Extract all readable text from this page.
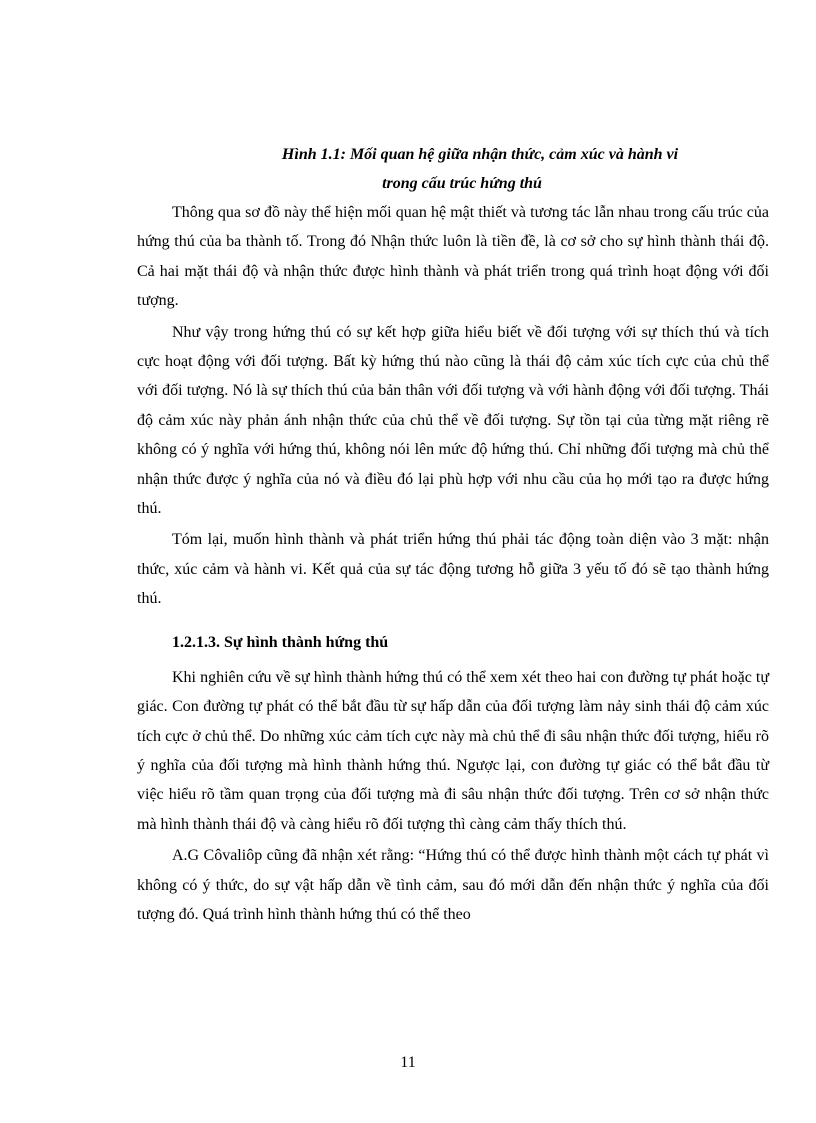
Hình 1.1: Mối quan hệ giữa nhận thức, cảm xúc và hành vi
trong cấu trúc hứng thú

Thông qua sơ đồ này thể hiện mối quan hệ mật thiết và tương tác lẫn nhau trong cấu trúc của hứng thú của ba thành tố. Trong đó Nhận thức luôn là tiền đề, là cơ sở cho sự hình thành thái độ. Cả hai mặt thái độ và nhận thức được hình thành và phát triển trong quá trình hoạt động với đối tượng.

Như vậy trong hứng thú có sự kết hợp giữa hiểu biết về đối tượng với sự thích thú và tích cực hoạt động với đối tượng. Bất kỳ hứng thú nào cũng là thái độ cảm xúc tích cực của chủ thể với đối tượng. Nó là sự thích thú của bản thân với đối tượng và với hành động với đối tượng. Thái độ cảm xúc này phản ánh nhận thức của chủ thể về đối tượng. Sự tồn tại của từng mặt riêng rẽ không có ý nghĩa với hứng thú, không nói lên mức độ hứng thú. Chỉ những đối tượng mà chủ thể nhận thức được ý nghĩa của nó và điều đó lại phù hợp với nhu cầu của họ mới tạo ra được hứng thú.

Tóm lại, muốn hình thành và phát triển hứng thú phải tác động toàn diện vào 3 mặt: nhận thức, xúc cảm và hành vi. Kết quả của sự tác động tương hỗ giữa 3 yếu tố đó sẽ tạo thành hứng thú.

1.2.1.3. Sự hình thành hứng thú

Khi nghiên cứu về sự hình thành hứng thú có thể xem xét theo hai con đường tự phát hoặc tự giác. Con đường tự phát có thể bắt đầu từ sự hấp dẫn của đối tượng làm nảy sinh thái độ cảm xúc tích cực ở chủ thể. Do những xúc cảm tích cực này mà chủ thể đi sâu nhận thức đối tượng, hiểu rõ ý nghĩa của đối tượng mà hình thành hứng thú. Ngược lại, con đường tự giác có thể bắt đầu từ việc hiểu rõ tầm quan trọng của đối tượng mà đi sâu nhận thức đối tượng. Trên cơ sở nhận thức mà hình thành thái độ và càng hiểu rõ đối tượng thì càng cảm thấy thích thú.

A.G Côvaliôp cũng đã nhận xét rằng: “Hứng thú có thể được hình thành một cách tự phát vì không có ý thức, do sự vật hấp dẫn về tình cảm, sau đó mới dẫn đến nhận thức ý nghĩa của đối tượng đó. Quá trình hình thành hứng thú có thể theo

11
